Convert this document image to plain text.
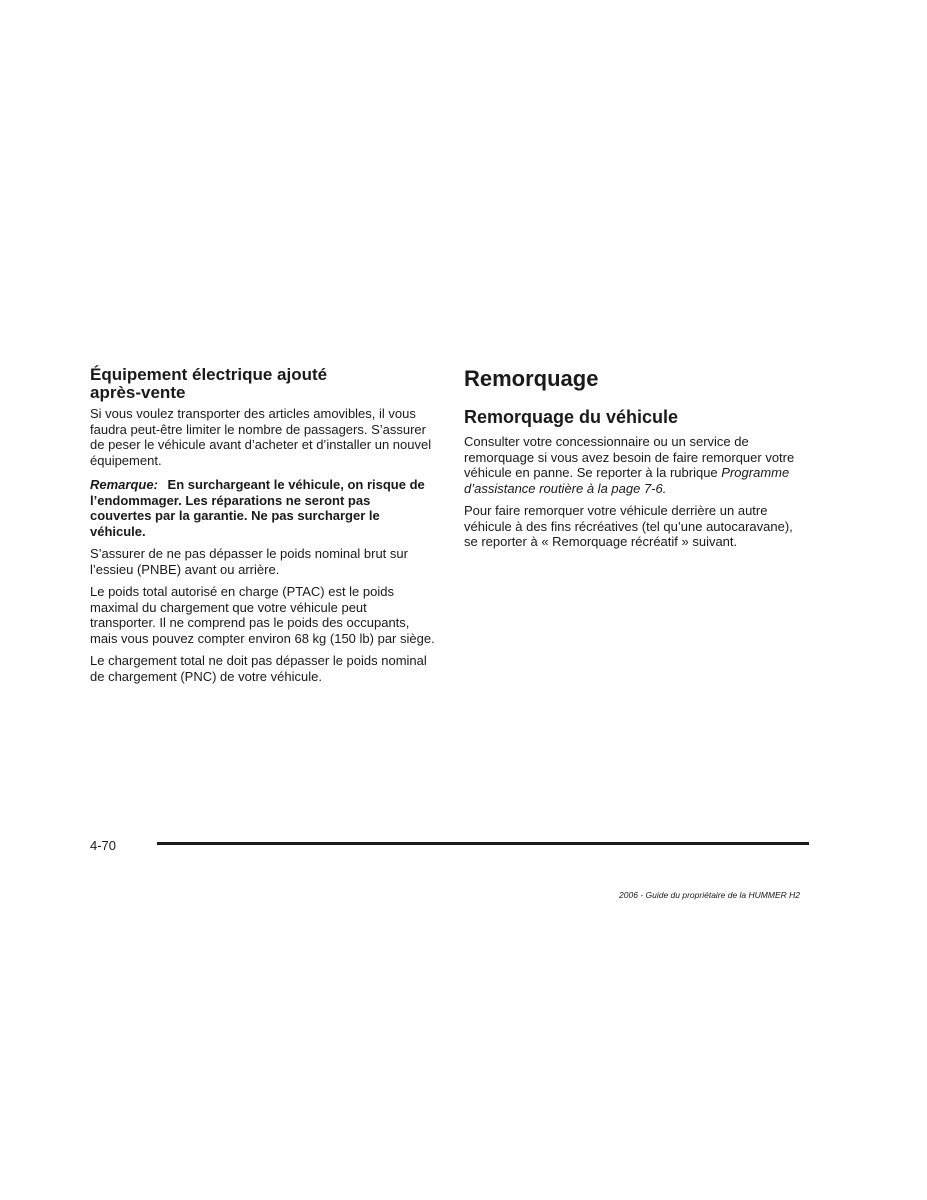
Équipement électrique ajouté
après-vente

Si vous voulez transporter des articles amovibles, il vous faudra peut-être limiter le nombre de passagers. S’assurer de peser le véhicule avant d’acheter et d’installer un nouvel équipement.

Remarque: En surchargeant le véhicule, on risque de l’endommager. Les réparations ne seront pas couvertes par la garantie. Ne pas surcharger le véhicule.

S’assurer de ne pas dépasser le poids nominal brut sur l’essieu (PNBE) avant ou arrière.

Le poids total autorisé en charge (PTAC) est le poids maximal du chargement que votre véhicule peut transporter. Il ne comprend pas le poids des occupants, mais vous pouvez compter environ 68 kg (150 lb) par siège.

Le chargement total ne doit pas dépasser le poids nominal de chargement (PNC) de votre véhicule.

Remorquage
Remorquage du véhicule

Consulter votre concessionnaire ou un service de remorquage si vous avez besoin de faire remorquer votre véhicule en panne. Se reporter à la rubrique Programme d’assistance routière à la page 7-6.

Pour faire remorquer votre véhicule derrière un autre véhicule à des fins récréatives (tel qu’une autocaravane), se reporter à « Remorquage récréatif » suivant.

4-70
2006 - Guide du propriétaire de la HUMMER H2
